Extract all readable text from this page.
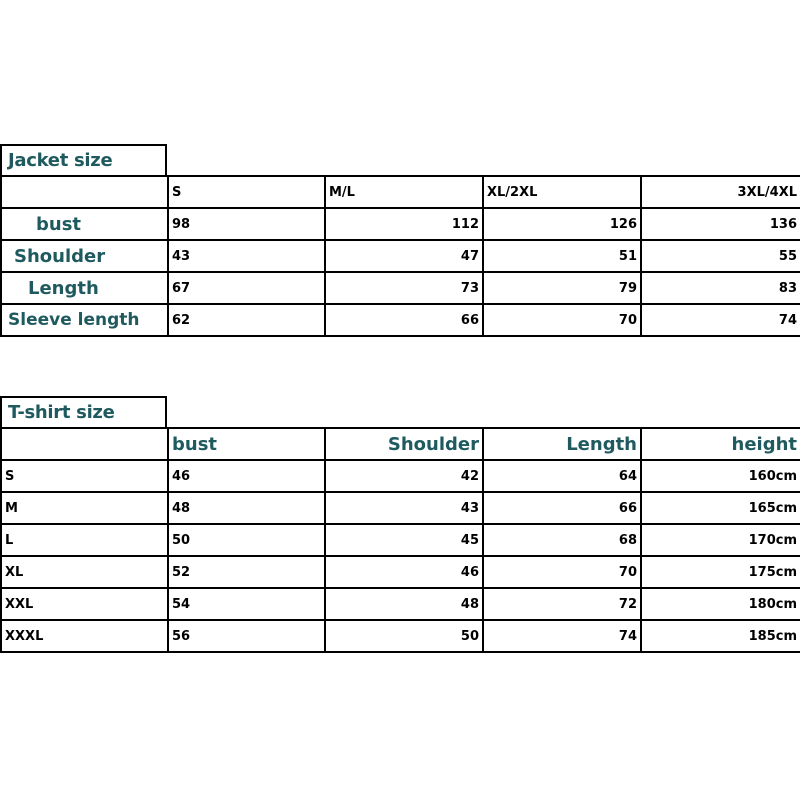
Jacket size
	S	M/L	XL/2XL	3XL/4XL
bust	98	112	126	136
Shoulder	43	47	51	55
Length	67	73	79	83
Sleeve length	62	66	70	74
T-shirt size
	bust	Shoulder	Length	height
S	46	42	64	160cm
M	48	43	66	165cm
L	50	45	68	170cm
XL	52	46	70	175cm
XXL	54	48	72	180cm
XXXL	56	50	74	185cm
